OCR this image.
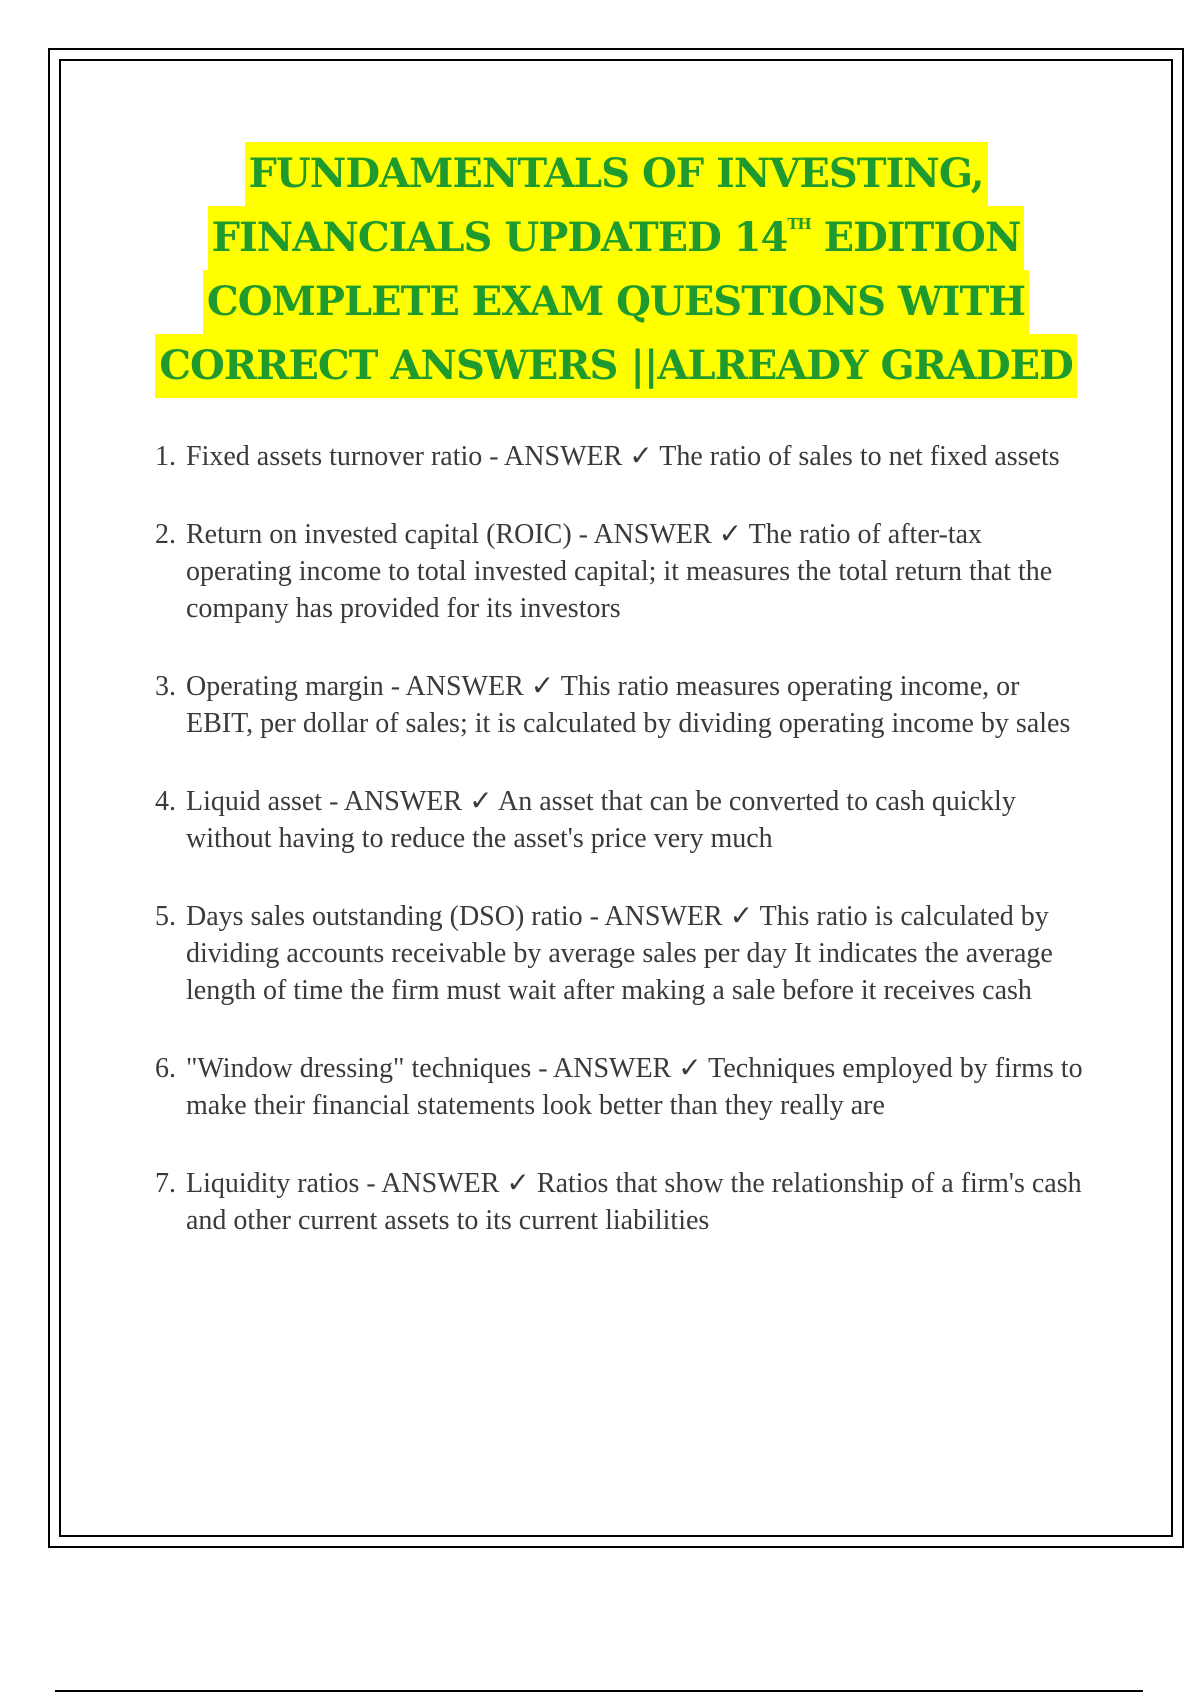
FUNDAMENTALS OF INVESTING,
FINANCIALS UPDATED 14TH EDITION
COMPLETE EXAM QUESTIONS WITH
CORRECT ANSWERS ||ALREADY GRADED
1. Fixed assets turnover ratio - ANSWER ✓ The ratio of sales to net fixed assets
2. Return on invested capital (ROIC) - ANSWER ✓ The ratio of after-tax operating income to total invested capital; it measures the total return that the company has provided for its investors
3. Operating margin - ANSWER ✓ This ratio measures operating income, or EBIT, per dollar of sales; it is calculated by dividing operating income by sales
4. Liquid asset - ANSWER ✓ An asset that can be converted to cash quickly without having to reduce the asset's price very much
5. Days sales outstanding (DSO) ratio - ANSWER ✓ This ratio is calculated by dividing accounts receivable by average sales per day It indicates the average length of time the firm must wait after making a sale before it receives cash
6. "Window dressing" techniques - ANSWER ✓ Techniques employed by firms to make their financial statements look better than they really are
7. Liquidity ratios - ANSWER ✓ Ratios that show the relationship of a firm's cash and other current assets to its current liabilities
